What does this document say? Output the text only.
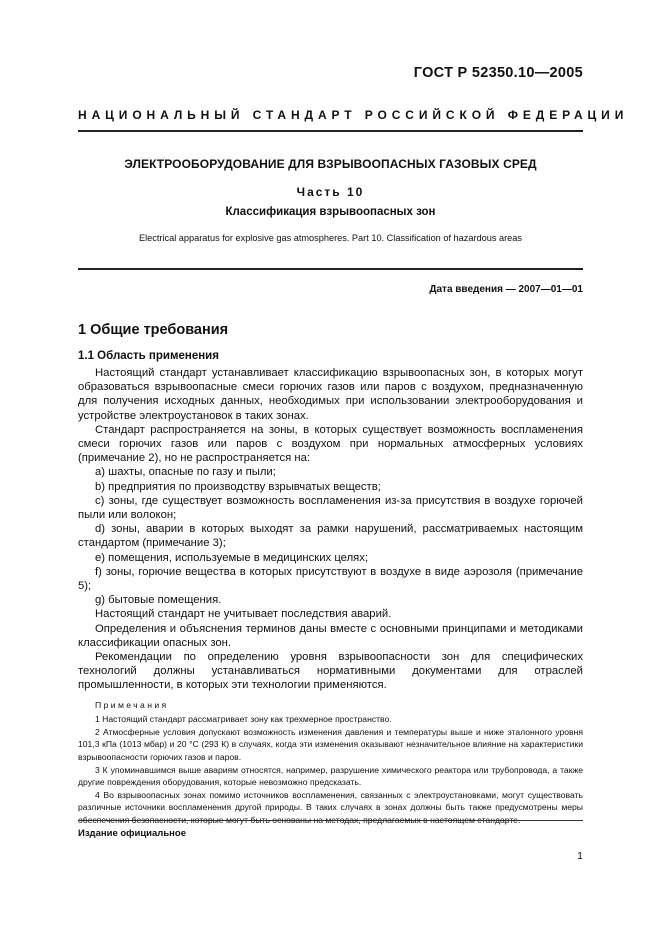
ГОСТ Р 52350.10—2005
НАЦИОНАЛЬНЫЙ СТАНДАРТ РОССИЙСКОЙ ФЕДЕРАЦИИ
ЭЛЕКТРООБОРУДОВАНИЕ ДЛЯ ВЗРЫВООПАСНЫХ ГАЗОВЫХ СРЕД
Часть 10
Классификация взрывоопасных зон
Electrical apparatus for explosive gas atmospheres. Part 10. Classification of hazardous areas
Дата введения — 2007—01—01
1 Общие требования
1.1 Область применения

Настоящий стандарт устанавливает классификацию взрывоопасных зон, в которых могут образоваться взрывоопасные смеси горючих газов или паров с воздухом, предназначенную для получения исходных данных, необходимых при использовании электрооборудования и устройстве электроустановок в таких зонах.

Стандарт распространяется на зоны, в которых существует возможность воспламенения смеси горючих газов или паров с воздухом при нормальных атмосферных условиях (примечание 2), но не распространяется на:

a) шахты, опасные по газу и пыли;

b) предприятия по производству взрывчатых веществ;

c) зоны, где существует возможность воспламенения из-за присутствия в воздухе горючей пыли или волокон;

d) зоны, аварии в которых выходят за рамки нарушений, рассматриваемых настоящим стандартом (примечание 3);

e) помещения, используемые в медицинских целях;

f) зоны, горючие вещества в которых присутствуют в воздухе в виде аэрозоля (примечание 5);

g) бытовые помещения.

Настоящий стандарт не учитывает последствия аварий.

Определения и объяснения терминов даны вместе с основными принципами и методиками классификации опасных зон.

Рекомендации по определению уровня взрывоопасности зон для специфических технологий должны устанавливаться нормативными документами для отраслей промышленности, в которых эти технологии применяются.

Примечания

1 Настоящий стандарт рассматривает зону как трехмерное пространство.

2 Атмосферные условия допускают возможность изменения давления и температуры выше и ниже эталонного уровня 101,3 кПа (1013 мбар) и 20 °С (293 К) в случаях, когда эти изменения оказывают незначительное влияние на характеристики взрывоопасности горючих газов и паров.

3 К упоминавшимся выше авариям относятся, например, разрушение химического реактора или трубопровода, а также другие повреждения оборудования, которые невозможно предсказать.

4 Во взрывоопасных зонах помимо источников воспламенения, связанных с электроустановками, могут существовать различные источники воспламенения другой природы. В таких случаях в зонах должны быть также предусмотрены меры обеспечения безопасности, которые могут быть основаны на методах, предлагаемых в настоящем стандарте.

Издание официальное
1
